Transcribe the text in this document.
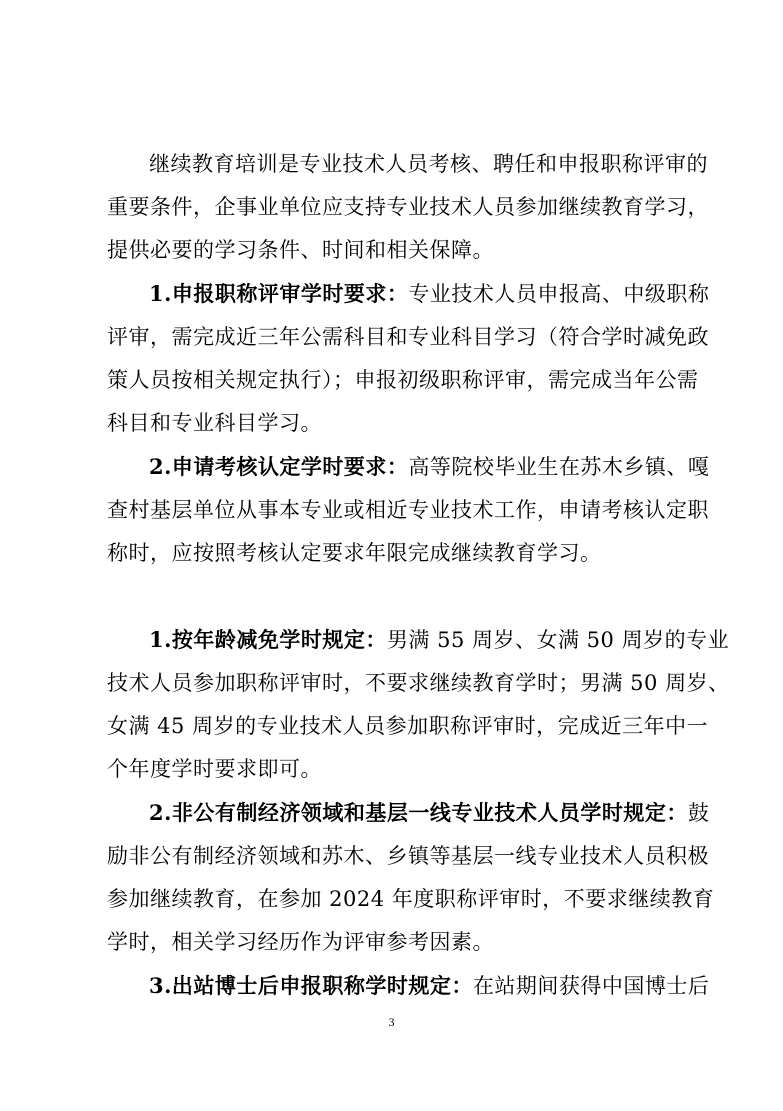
继续教育培训是专业技术人员考核、聘任和申报职称评审的
重要条件，企事业单位应支持专业技术人员参加继续教育学习，
提供必要的学习条件、时间和相关保障。
1.申报职称评审学时要求：专业技术人员申报高、中级职称
评审，需完成近三年公需科目和专业科目学习（符合学时减免政
策人员按相关规定执行）；申报初级职称评审，需完成当年公需
科目和专业科目学习。
2.申请考核认定学时要求：高等院校毕业生在苏木乡镇、嘎
查村基层单位从事本专业或相近专业技术工作，申请考核认定职
称时，应按照考核认定要求年限完成继续教育学习。
1.按年龄减免学时规定：男满 55 周岁、女满 50 周岁的专业
技术人员参加职称评审时，不要求继续教育学时；男满 50 周岁、
女满 45 周岁的专业技术人员参加职称评审时，完成近三年中一
个年度学时要求即可。
2.非公有制经济领域和基层一线专业技术人员学时规定：鼓
励非公有制经济领域和苏木、乡镇等基层一线专业技术人员积极
参加继续教育，在参加 2024 年度职称评审时，不要求继续教育
学时，相关学习经历作为评审参考因素。
3.出站博士后申报职称学时规定：在站期间获得中国博士后
3
